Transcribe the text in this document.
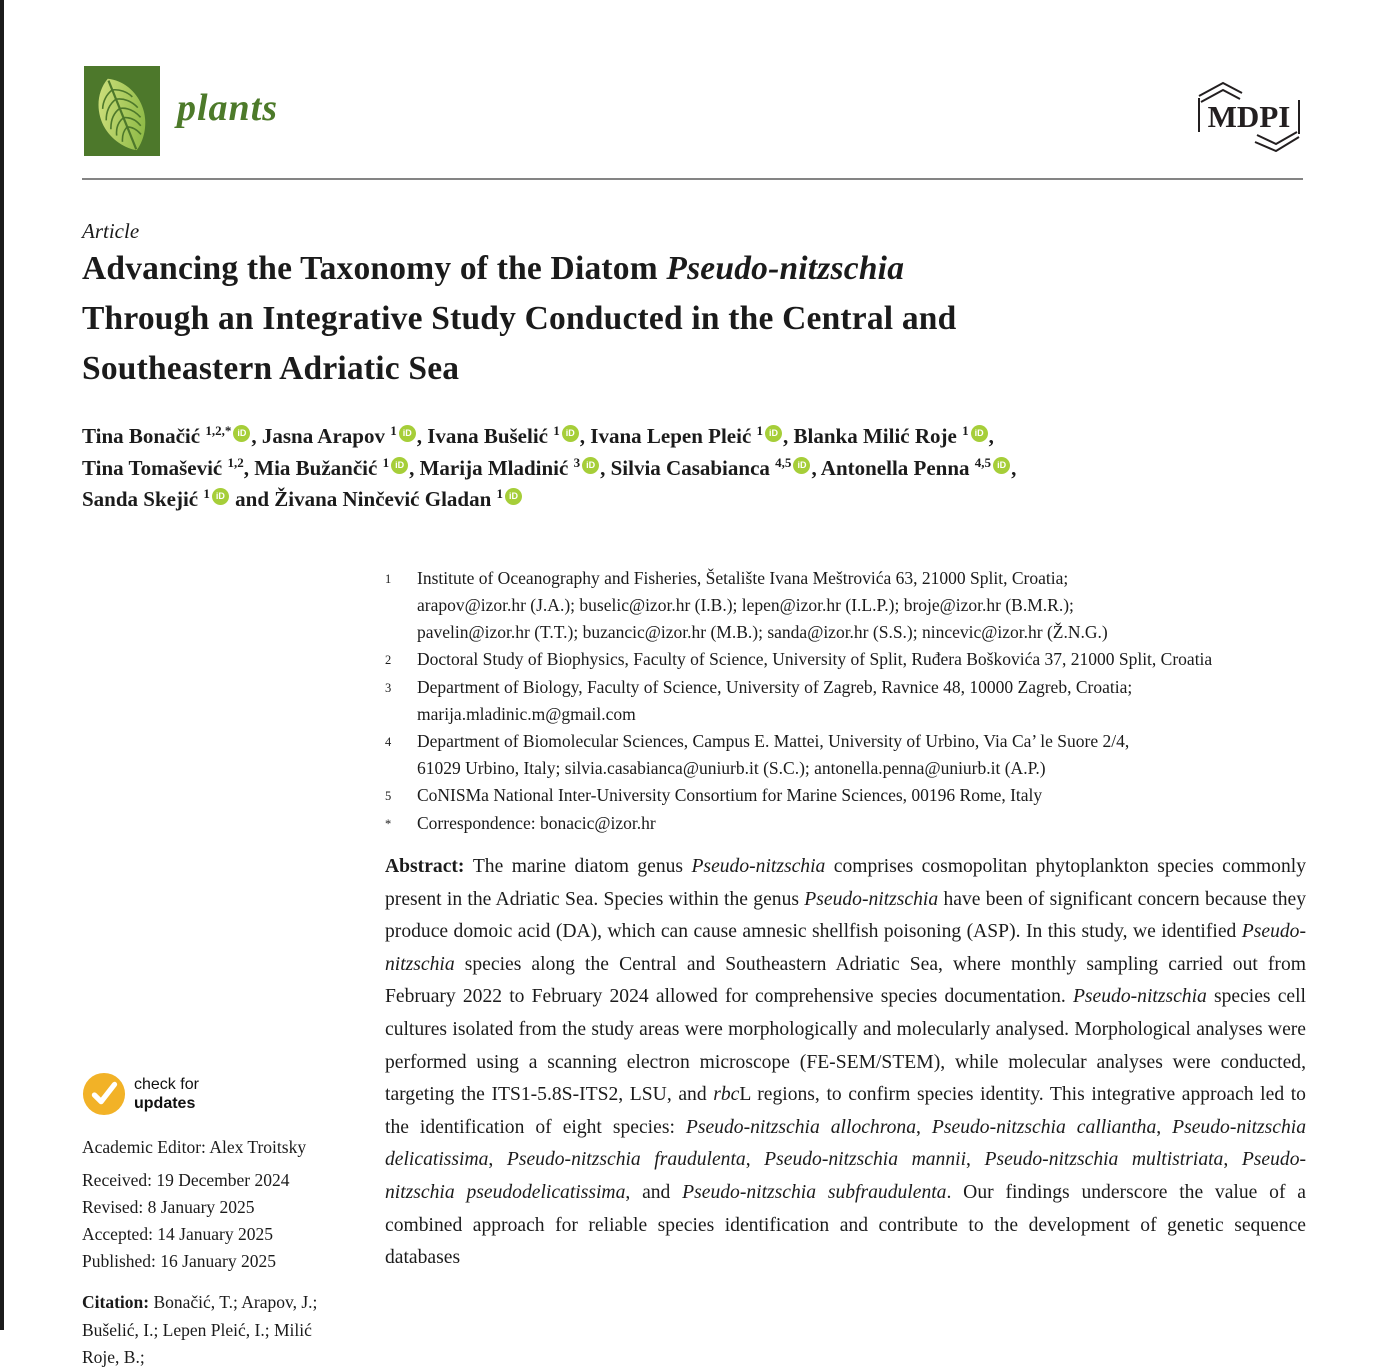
plants	MDPI
Article
Advancing the Taxonomy of the Diatom Pseudo-nitzschia
Through an Integrative Study Conducted in the Central and
Southeastern Adriatic Sea
Tina Bonačić $^{1,2,*}$ iD , Jasna Arapov $^1$ iD , Ivana Bušelić $^1$ iD , Ivana Lepen Pleić $^1$ iD , Blanka Milić Roje $^1$ iD ,
Tina Tomašević $^{1,2}$, Mia Bužančić $^1$ iD , Marija Mladinić $^3$ iD , Silvia Casabianca $^{4,5}$ iD , Antonella Penna $^{4,5}$ iD ,
Sanda Skejić $^1$ iD and Živana Ninčević Gladan $^1$ iD
1	Institute of Oceanography and Fisheries, Šetalište Ivana Meštrovića 63, 21000 Split, Croatia;
arapov@izor.hr (J.A.); buselic@izor.hr (I.B.); lepen@izor.hr (I.L.P.); broje@izor.hr (B.M.R.);
pavelin@izor.hr (T.T.); buzancic@izor.hr (M.B.); sanda@izor.hr (S.S.); nincevic@izor.hr (Ž.N.G.)
2	Doctoral Study of Biophysics, Faculty of Science, University of Split, Ruđera Boškovića 37, 21000 Split, Croatia
3	Department of Biology, Faculty of Science, University of Zagreb, Ravnice 48, 10000 Zagreb, Croatia;
marija.mladinic.m@gmail.com
4	Department of Biomolecular Sciences, Campus E. Mattei, University of Urbino, Via Ca’ le Suore 2/4,
61029 Urbino, Italy; silvia.casabianca@uniurb.it (S.C.); antonella.penna@uniurb.it (A.P.)
5	CoNISMa National Inter-University Consortium for Marine Sciences, 00196 Rome, Italy
*	Correspondence: bonacic@izor.hr
Abstract: The marine diatom genus Pseudo-nitzschia comprises cosmopolitan phytoplankton species commonly present in the Adriatic Sea. Species within the genus Pseudo-nitzschia have been of significant concern because they produce domoic acid (DA), which can cause amnesic shellfish poisoning (ASP). In this study, we identified Pseudo-nitzschia species along the Central and Southeastern Adriatic Sea, where monthly sampling carried out from February 2022 to February 2024 allowed for comprehensive species documentation. Pseudo-nitzschia species cell cultures isolated from the study areas were morphologically and molecularly analysed. Morphological analyses were performed using a scanning electron microscope (FE-SEM/STEM), while molecular analyses were conducted, targeting the ITS1-5.8S-ITS2, LSU, and rbcL regions, to confirm species identity. This integrative approach led to the identification of eight species: Pseudo-nitzschia allochrona, Pseudo-nitzschia calliantha, Pseudo-nitzschia delicatissima, Pseudo-nitzschia fraudulenta, Pseudo-nitzschia mannii, Pseudo-nitzschia multistriata, Pseudo-nitzschia pseudodelicatissima, and Pseudo-nitzschia subfraudulenta. Our findings underscore the value of a combined approach for reliable species identification and contribute to the development of genetic sequence databases
check for
updates
Academic Editor: Alex Troitsky
Received: 19 December 2024
Revised: 8 January 2025
Accepted: 14 January 2025
Published: 16 January 2025
Citation: Bonačić, T.; Arapov, J.; Bušelić, I.; Lepen Pleić, I.; Milić Roje, B.;
